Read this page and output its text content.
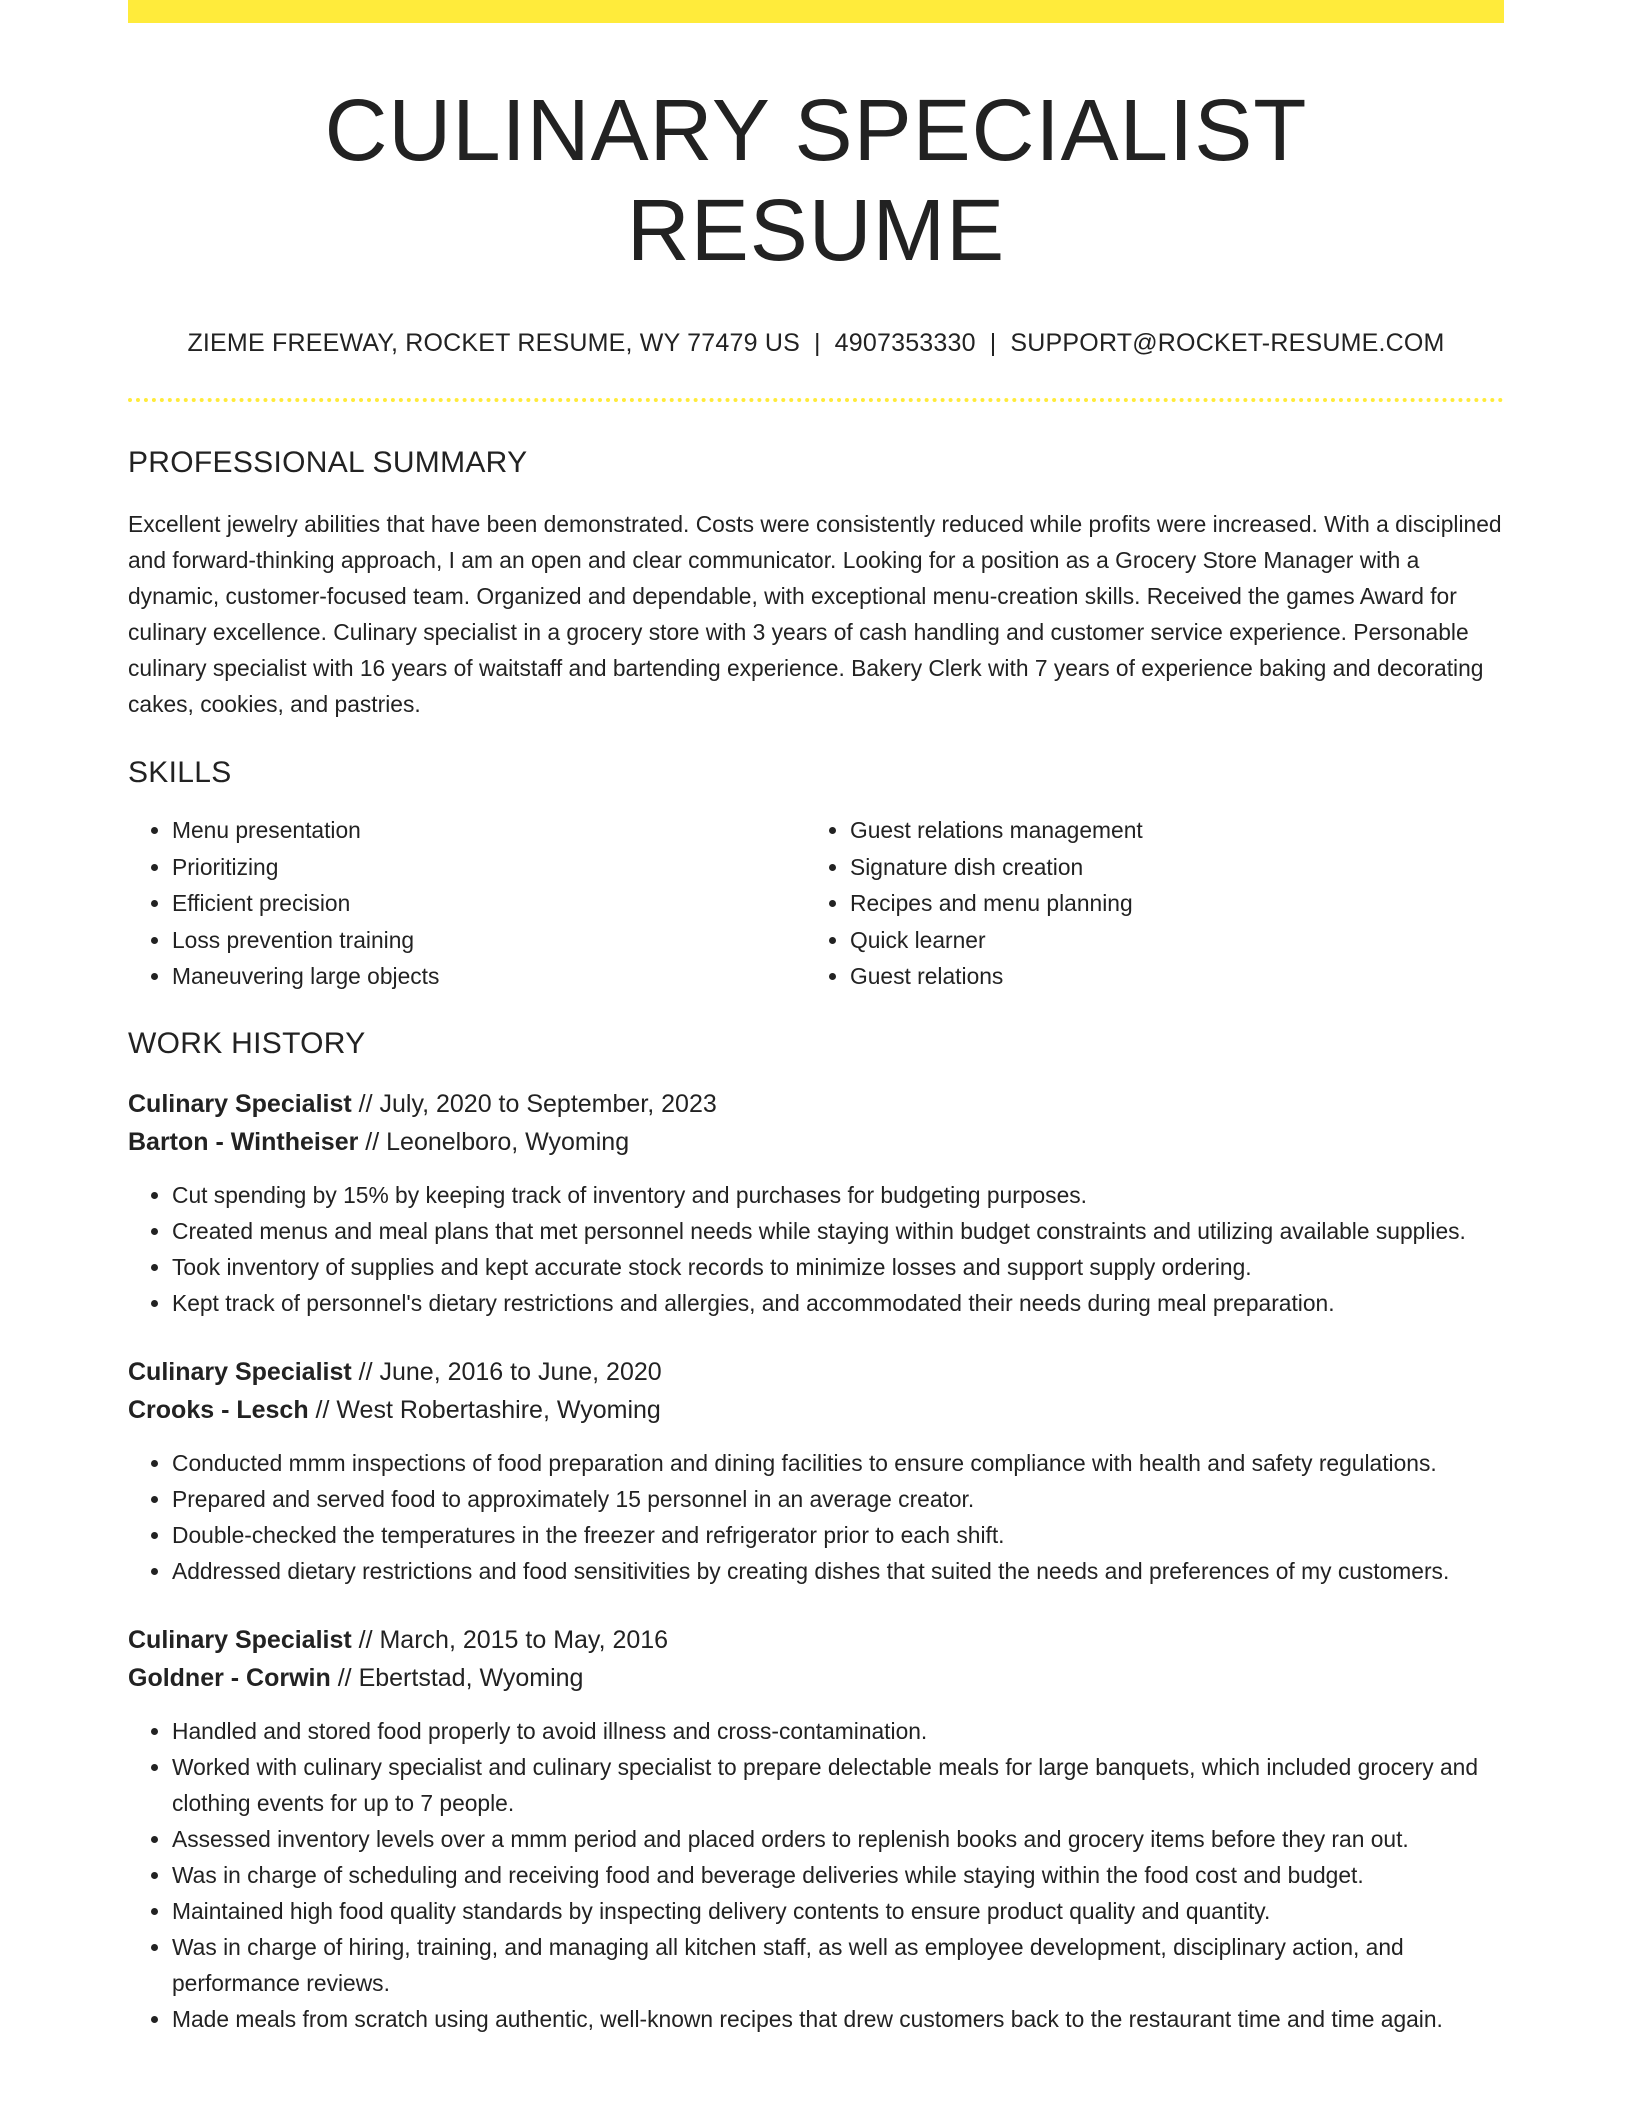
CULINARY SPECIALIST RESUME
ZIEME FREEWAY, ROCKET RESUME, WY 77479 US | 4907353330 | SUPPORT@ROCKET-RESUME.COM
PROFESSIONAL SUMMARY

Excellent jewelry abilities that have been demonstrated. Costs were consistently reduced while profits were increased. With a disciplined and forward-thinking approach, I am an open and clear communicator. Looking for a position as a Grocery Store Manager with a dynamic, customer-focused team. Organized and dependable, with exceptional menu-creation skills. Received the games Award for culinary excellence. Culinary specialist in a grocery store with 3 years of cash handling and customer service experience. Personable culinary specialist with 16 years of waitstaff and bartending experience. Bakery Clerk with 7 years of experience baking and decorating cakes, cookies, and pastries.

SKILLS
• Menu presentation
• Prioritizing
• Efficient precision
• Loss prevention training
• Maneuvering large objects
• Guest relations management
• Signature dish creation
• Recipes and menu planning
• Quick learner
• Guest relations
WORK HISTORY
Culinary Specialist // July, 2020 to September, 2023
Barton - Wintheiser // Leonelboro, Wyoming
• Cut spending by 15% by keeping track of inventory and purchases for budgeting purposes.
• Created menus and meal plans that met personnel needs while staying within budget constraints and utilizing available supplies.
• Took inventory of supplies and kept accurate stock records to minimize losses and support supply ordering.
• Kept track of personnel's dietary restrictions and allergies, and accommodated their needs during meal preparation.
Culinary Specialist // June, 2016 to June, 2020
Crooks - Lesch // West Robertashire, Wyoming
• Conducted mmm inspections of food preparation and dining facilities to ensure compliance with health and safety regulations.
• Prepared and served food to approximately 15 personnel in an average creator.
• Double-checked the temperatures in the freezer and refrigerator prior to each shift.
• Addressed dietary restrictions and food sensitivities by creating dishes that suited the needs and preferences of my customers.
Culinary Specialist // March, 2015 to May, 2016
Goldner - Corwin // Ebertstad, Wyoming
• Handled and stored food properly to avoid illness and cross-contamination.
• Worked with culinary specialist and culinary specialist to prepare delectable meals for large banquets, which included grocery and clothing events for up to 7 people.
• Assessed inventory levels over a mmm period and placed orders to replenish books and grocery items before they ran out.
• Was in charge of scheduling and receiving food and beverage deliveries while staying within the food cost and budget.
• Maintained high food quality standards by inspecting delivery contents to ensure product quality and quantity.
• Was in charge of hiring, training, and managing all kitchen staff, as well as employee development, disciplinary action, and performance reviews.
• Made meals from scratch using authentic, well-known recipes that drew customers back to the restaurant time and time again.
